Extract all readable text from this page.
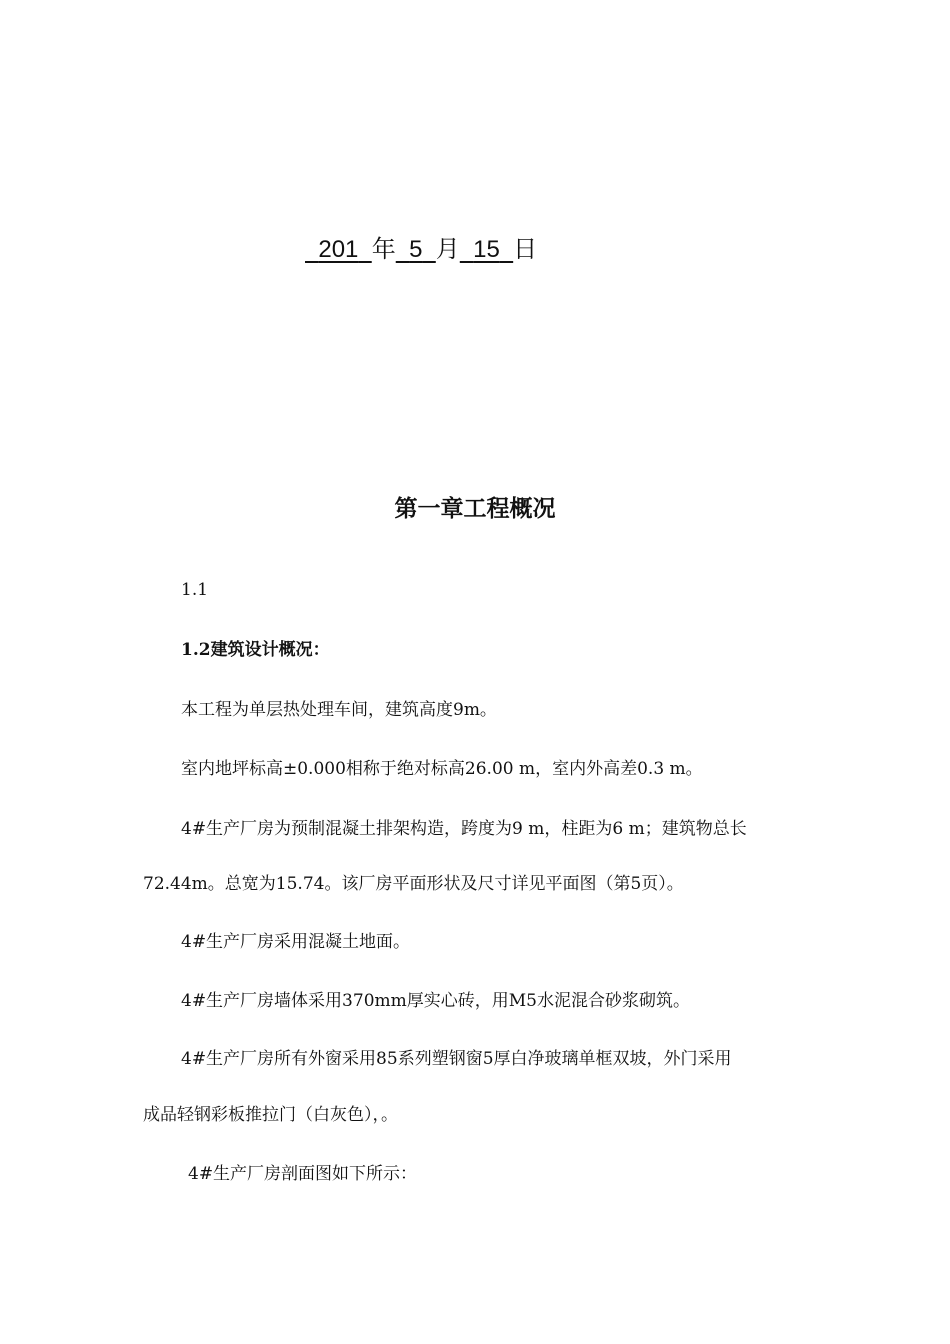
201 年 5 月 15 日
第一章工程概况
1.1
1.2建筑设计概况：
本工程为单层热处理车间，建筑高度9m。
室内地坪标高±0.000相称于绝对标高26.00 m，室内外高差0.3 m。
4#生产厂房为预制混凝土排架构造，跨度为9 m，柱距为6 m；建筑物总长
72.44m。总宽为15.74。该厂房平面形状及尺寸详见平面图（第5页）。
4#生产厂房采用混凝土地面。
4#生产厂房墙体采用370mm厚实心砖，用M5水泥混合砂浆砌筑。
4#生产厂房所有外窗采用85系列塑钢窗5厚白净玻璃单框双坡，外门采用
成品轻钢彩板推拉门（白灰色），。
4#生产厂房剖面图如下所示：
